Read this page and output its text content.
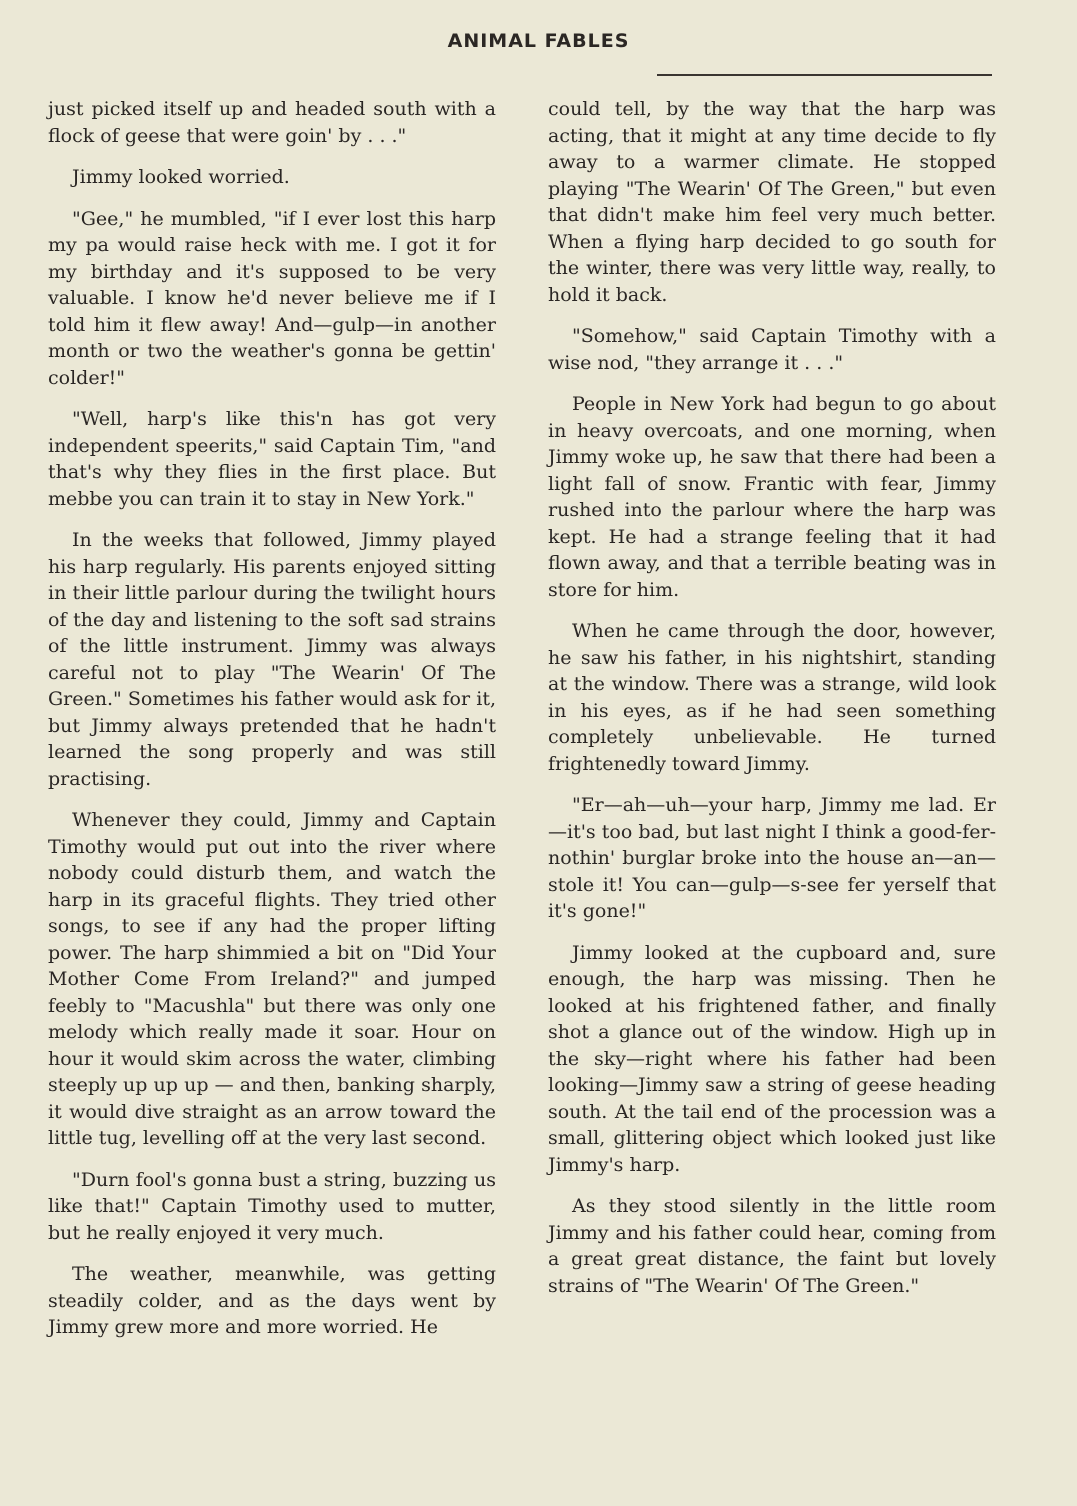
ANIMAL FABLES

just picked itself up and headed south with a flock of geese that were goin' by . . ."

Jimmy looked worried.

"Gee," he mumbled, "if I ever lost this harp my pa would raise heck with me. I got it for my birthday and it's supposed to be very valuable. I know he'd never believe me if I told him it flew away! And—gulp—in another month or two the weather's gonna be gettin' colder!"

"Well, harp's like this'n has got very independent speerits," said Captain Tim, "and that's why they flies in the first place. But mebbe you can train it to stay in New York."

In the weeks that followed, Jimmy played his harp regularly. His parents enjoyed sitting in their little parlour during the twilight hours of the day and listening to the soft sad strains of the little instrument. Jimmy was always careful not to play "The Wearin' Of The Green." Sometimes his father would ask for it, but Jimmy always pretended that he hadn't learned the song properly and was still practising.

Whenever they could, Jimmy and Captain Timothy would put out into the river where nobody could disturb them, and watch the harp in its graceful flights. They tried other songs, to see if any had the proper lifting power. The harp shimmied a bit on "Did Your Mother Come From Ireland?" and jumped feebly to "Macushla" but there was only one melody which really made it soar. Hour on hour it would skim across the water, climbing steeply up up up — and then, banking sharply, it would dive straight as an arrow toward the little tug, levelling off at the very last second.

"Durn fool's gonna bust a string, buzzing us like that!" Captain Timothy used to mutter, but he really enjoyed it very much.

The weather, meanwhile, was getting steadily colder, and as the days went by Jimmy grew more and more worried. He

could tell, by the way that the harp was acting, that it might at any time decide to fly away to a warmer climate. He stopped playing "The Wearin' Of The Green," but even that didn't make him feel very much better. When a flying harp decided to go south for the winter, there was very little way, really, to hold it back.

"Somehow," said Captain Timothy with a wise nod, "they arrange it . . ."

People in New York had begun to go about in heavy overcoats, and one morning, when Jimmy woke up, he saw that there had been a light fall of snow. Frantic with fear, Jimmy rushed into the parlour where the harp was kept. He had a strange feeling that it had flown away, and that a terrible beating was in store for him.

When he came through the door, however, he saw his father, in his nightshirt, standing at the window. There was a strange, wild look in his eyes, as if he had seen something completely unbelievable. He turned frightenedly toward Jimmy.

"Er—ah—uh—your harp, Jimmy me lad. Er—it's too bad, but last night I think a good-fer-nothin' burglar broke into the house an—an—stole it! You can—gulp—s-see fer yerself that it's gone!"

Jimmy looked at the cupboard and, sure enough, the harp was missing. Then he looked at his frightened father, and finally shot a glance out of the window. High up in the sky—right where his father had been looking—Jimmy saw a string of geese heading south. At the tail end of the procession was a small, glittering object which looked just like Jimmy's harp.

As they stood silently in the little room Jimmy and his father could hear, coming from a great great distance, the faint but lovely strains of "The Wearin' Of The Green."
